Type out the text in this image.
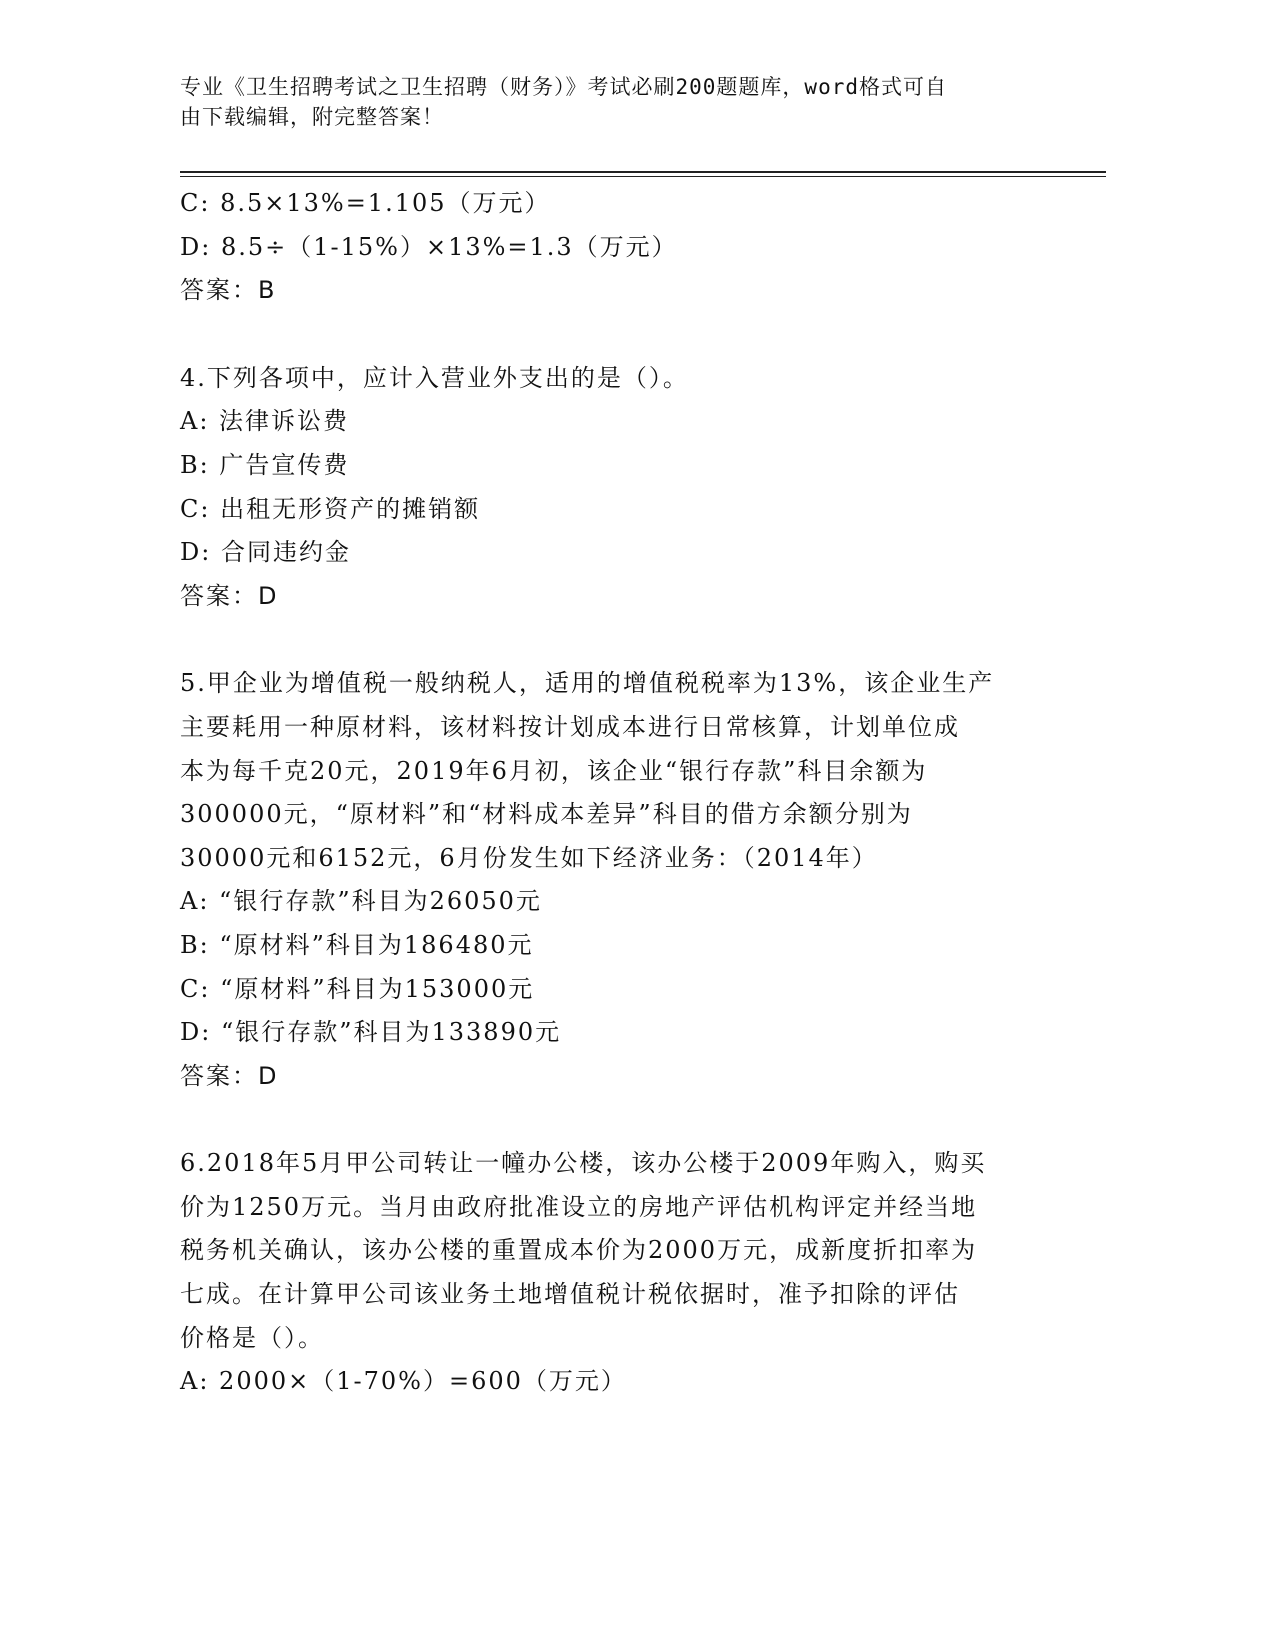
专业《卫生招聘考试之卫生招聘（财务）》考试必刷200题题库，word格式可自
由下载编辑，附完整答案！
C: 8.5×13%=1.105（万元）
D: 8.5÷（1-15%）×13%=1.3（万元）
答案：B
4.下列各项中，应计入营业外支出的是（）。
A: 法律诉讼费
B: 广告宣传费
C: 出租无形资产的摊销额
D: 合同违约金
答案：D
5.甲企业为增值税一般纳税人，适用的增值税税率为13%，该企业生产
主要耗用一种原材料，该材料按计划成本进行日常核算，计划单位成
本为每千克20元，2019年6月初，该企业“银行存款”科目余额为
300000元，“原材料”和“材料成本差异”科目的借方余额分别为
30000元和6152元，6月份发生如下经济业务：（2014年）
A: “银行存款”科目为26050元
B: “原材料”科目为186480元
C: “原材料”科目为153000元
D: “银行存款”科目为133890元
答案：D
6.2018年5月甲公司转让一幢办公楼，该办公楼于2009年购入，购买
价为1250万元。当月由政府批准设立的房地产评估机构评定并经当地
税务机关确认，该办公楼的重置成本价为2000万元，成新度折扣率为
七成。在计算甲公司该业务土地增值税计税依据时，准予扣除的评估
价格是（）。
A: 2000×（1-70%）=600（万元）
